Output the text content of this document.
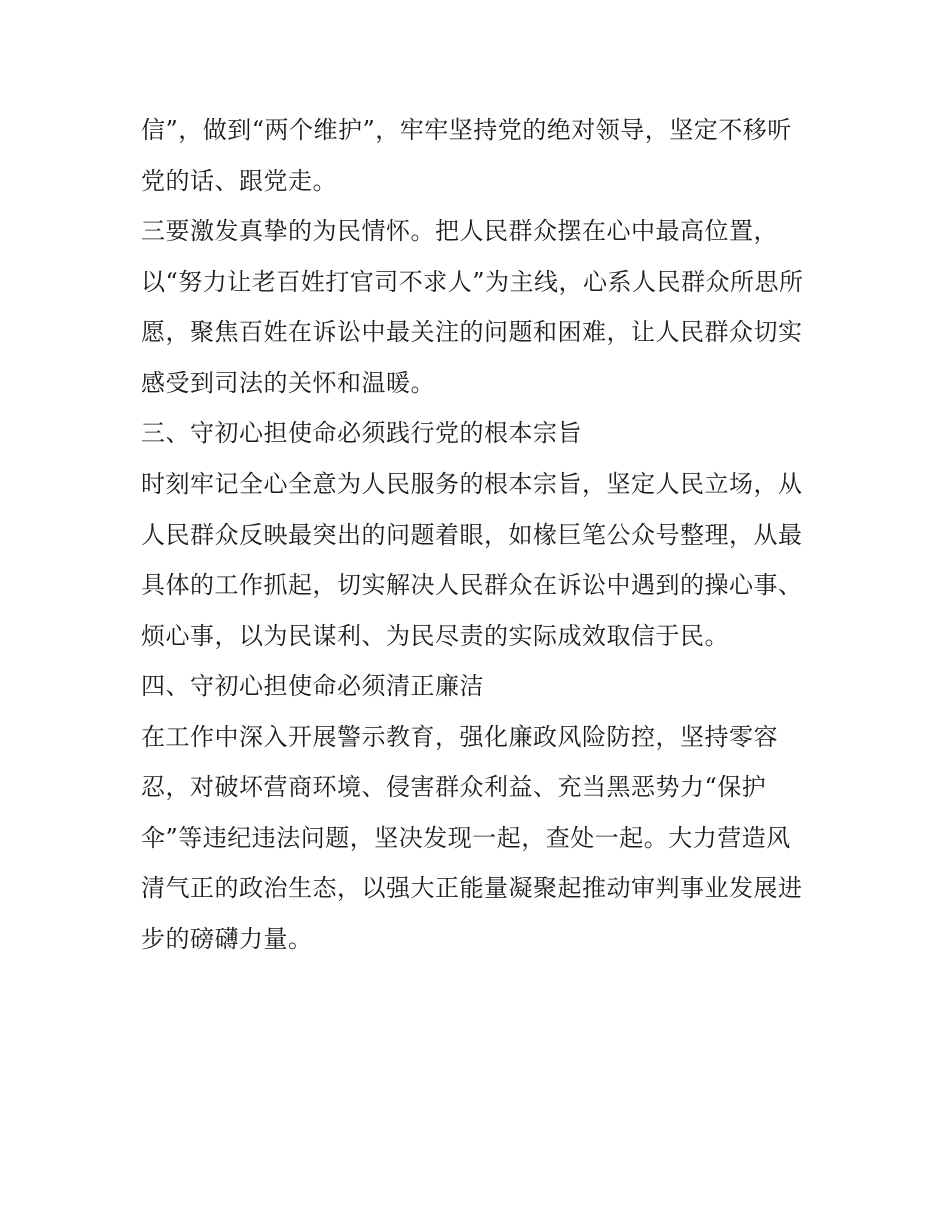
信”，做到“两个维护”，牢牢坚持党的绝对领导，坚定不移听
党的话、跟党走。
三要激发真挚的为民情怀。把人民群众摆在心中最高位置，
以“努力让老百姓打官司不求人”为主线，心系人民群众所思所
愿，聚焦百姓在诉讼中最关注的问题和困难，让人民群众切实
感受到司法的关怀和温暖。
三、守初心担使命必须践行党的根本宗旨
时刻牢记全心全意为人民服务的根本宗旨，坚定人民立场，从
人民群众反映最突出的问题着眼，如椽巨笔公众号整理，从最
具体的工作抓起，切实解决人民群众在诉讼中遇到的操心事、
烦心事，以为民谋利、为民尽责的实际成效取信于民。
四、守初心担使命必须清正廉洁
在工作中深入开展警示教育，强化廉政风险防控，坚持零容
忍，对破坏营商环境、侵害群众利益、充当黑恶势力“保护
伞”等违纪违法问题，坚决发现一起，查处一起。大力营造风
清气正的政治生态，以强大正能量凝聚起推动审判事业发展进
步的磅礴力量。
